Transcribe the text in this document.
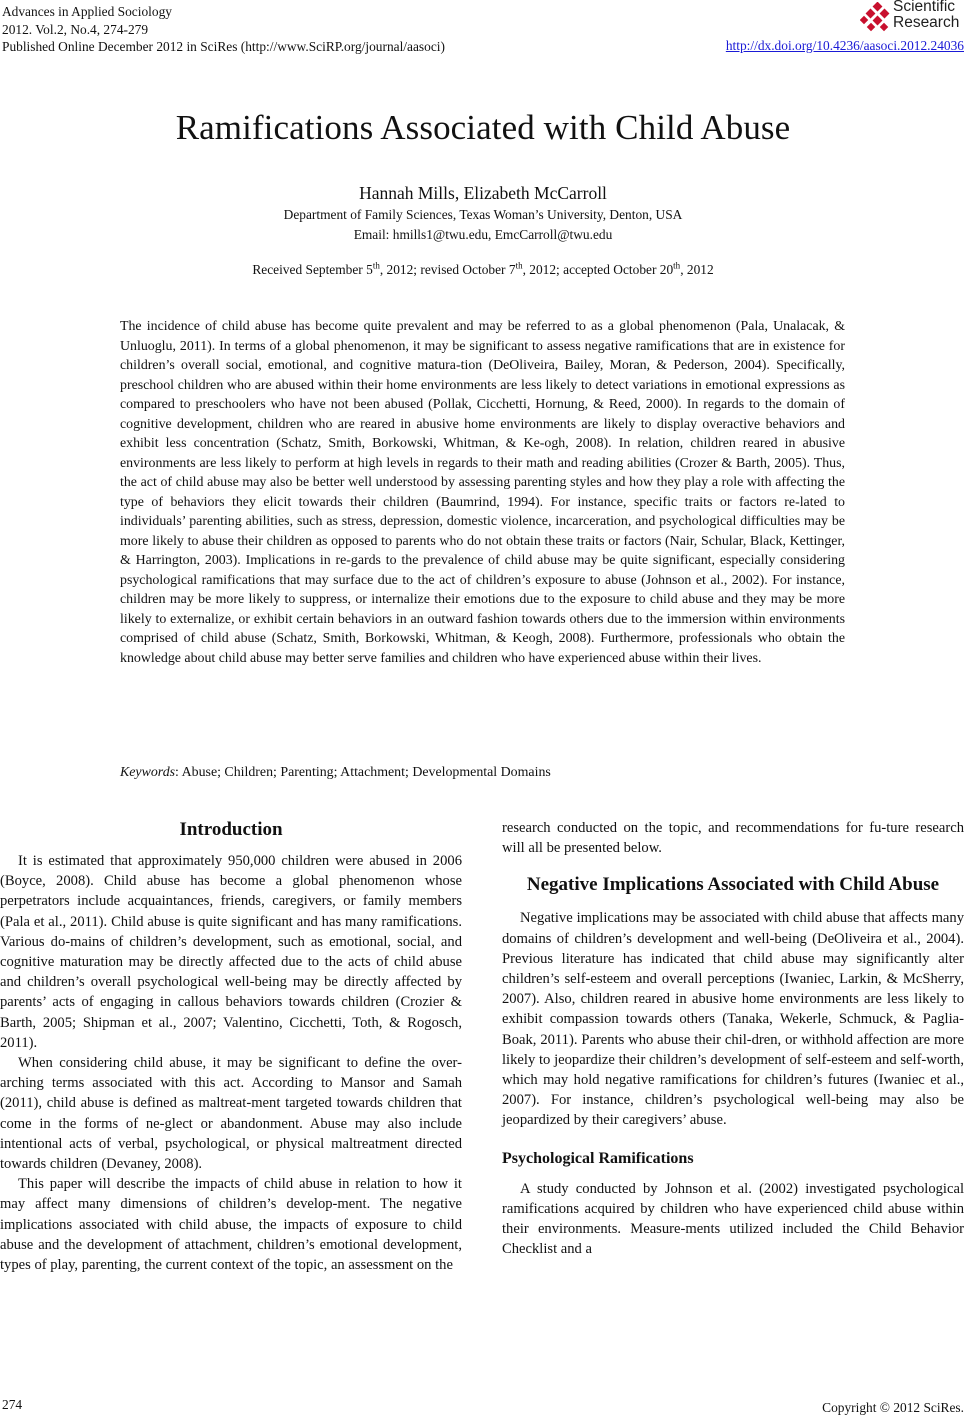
Advances in Applied Sociology
2012. Vol.2, No.4, 274-279
Published Online December 2012 in SciRes (http://www.SciRP.org/journal/aasoci)
Scientific
Research
http://dx.doi.org/10.4236/aasoci.2012.24036
Ramifications Associated with Child Abuse
Hannah Mills, Elizabeth McCarroll
Department of Family Sciences, Texas Woman’s University, Denton, USA
Email: hmills1@twu.edu, EmcCarroll@twu.edu
Received September 5th, 2012; revised October 7th, 2012; accepted October 20th, 2012

The incidence of child abuse has become quite prevalent and may be referred to as a global phenomenon (Pala, Unalacak, & Unluoglu, 2011). In terms of a global phenomenon, it may be significant to assess negative ramifications that are in existence for children’s overall social, emotional, and cognitive matura-tion (DeOliveira, Bailey, Moran, & Pederson, 2004). Specifically, preschool children who are abused within their home environments are less likely to detect variations in emotional expressions as compared to preschoolers who have not been abused (Pollak, Cicchetti, Hornung, & Reed, 2000). In regards to the domain of cognitive development, children who are reared in abusive home environments are likely to display overactive behaviors and exhibit less concentration (Schatz, Smith, Borkowski, Whitman, & Ke-ogh, 2008). In relation, children reared in abusive environments are less likely to perform at high levels in regards to their math and reading abilities (Crozer & Barth, 2005). Thus, the act of child abuse may also be better well understood by assessing parenting styles and how they play a role with affecting the type of behaviors they elicit towards their children (Baumrind, 1994). For instance, specific traits or factors re-lated to individuals’ parenting abilities, such as stress, depression, domestic violence, incarceration, and psychological difficulties may be more likely to abuse their children as opposed to parents who do not obtain these traits or factors (Nair, Schular, Black, Kettinger, & Harrington, 2003). Implications in re-gards to the prevalence of child abuse may be quite significant, especially considering psychological ramifications that may surface due to the act of children’s exposure to abuse (Johnson et al., 2002). For instance, children may be more likely to suppress, or internalize their emotions due to the exposure to child abuse and they may be more likely to externalize, or exhibit certain behaviors in an outward fashion towards others due to the immersion within environments comprised of child abuse (Schatz, Smith, Borkowski, Whitman, & Keogh, 2008). Furthermore, professionals who obtain the knowledge about child abuse may better serve families and children who have experienced abuse within their lives.

Keywords: Abuse; Children; Parenting; Attachment; Developmental Domains
Introduction

It is estimated that approximately 950,000 children were abused in 2006 (Boyce, 2008). Child abuse has become a global phenomenon whose perpetrators include acquaintances, friends, caregivers, or family members (Pala et al., 2011). Child abuse is quite significant and has many ramifications. Various do-mains of children’s development, such as emotional, social, and cognitive maturation may be directly affected due to the acts of child abuse and children’s overall psychological well-being may be directly affected by parents’ acts of engaging in callous behaviors towards children (Crozier & Barth, 2005; Shipman et al., 2007; Valentino, Cicchetti, Toth, & Rogosch, 2011).

When considering child abuse, it may be significant to define the over-arching terms associated with this act. According to Mansor and Samah (2011), child abuse is defined as maltreat-ment targeted towards children that come in the forms of ne-glect or abandonment. Abuse may also include intentional acts of verbal, psychological, or physical maltreatment directed towards children (Devaney, 2008).

This paper will describe the impacts of child abuse in relation to how it may affect many dimensions of children’s develop-ment. The negative implications associated with child abuse, the impacts of exposure to child abuse and the development of attachment, children’s emotional development, types of play, parenting, the current context of the topic, an assessment on the

research conducted on the topic, and recommendations for fu-ture research will all be presented below.

Negative Implications Associated with Child Abuse

Negative implications may be associated with child abuse that affects many domains of children’s development and well-being (DeOliveira et al., 2004). Previous literature has indicated that child abuse may significantly alter children’s self-esteem and overall perceptions (Iwaniec, Larkin, & McSherry, 2007). Also, children reared in abusive home environments are less likely to exhibit compassion towards others (Tanaka, Wekerle, Schmuck, & Paglia-Boak, 2011). Parents who abuse their chil-dren, or withhold affection are more likely to jeopardize their children’s development of self-esteem and self-worth, which may hold negative ramifications for children’s futures (Iwaniec et al., 2007). For instance, children’s psychological well-being may also be jeopardized by their caregivers’ abuse.

Psychological Ramifications

A study conducted by Johnson et al. (2002) investigated psychological ramifications acquired by children who have experienced child abuse within their environments. Measure-ments utilized included the Child Behavior Checklist and a

274	Copyright © 2012 SciRes.
